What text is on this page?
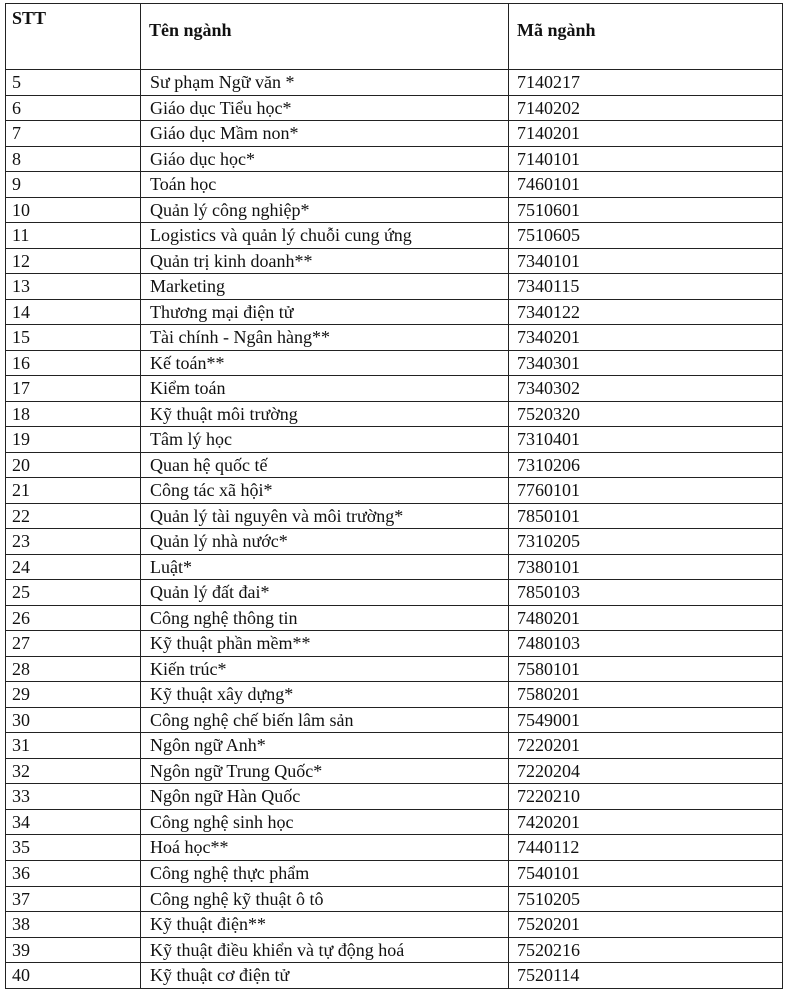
STT	Tên ngành	Mã ngành
5	Sư phạm Ngữ văn *	7140217
6	Giáo dục Tiểu học*	7140202
7	Giáo dục Mầm non*	7140201
8	Giáo dục học*	7140101
9	Toán học	7460101
10	Quản lý công nghiệp*	7510601
11	Logistics và quản lý chuỗi cung ứng	7510605
12	Quản trị kinh doanh**	7340101
13	Marketing	7340115
14	Thương mại điện tử	7340122
15	Tài chính - Ngân hàng**	7340201
16	Kế toán**	7340301
17	Kiểm toán	7340302
18	Kỹ thuật môi trường	7520320
19	Tâm lý học	7310401
20	Quan hệ quốc tế	7310206
21	Công tác xã hội*	7760101
22	Quản lý tài nguyên và môi trường*	7850101
23	Quản lý nhà nước*	7310205
24	Luật*	7380101
25	Quản lý đất đai*	7850103
26	Công nghệ thông tin	7480201
27	Kỹ thuật phần mềm**	7480103
28	Kiến trúc*	7580101
29	Kỹ thuật xây dựng*	7580201
30	Công nghệ chế biến lâm sản	7549001
31	Ngôn ngữ Anh*	7220201
32	Ngôn ngữ Trung Quốc*	7220204
33	Ngôn ngữ Hàn Quốc	7220210
34	Công nghệ sinh học	7420201
35	Hoá học**	7440112
36	Công nghệ thực phẩm	7540101
37	Công nghệ kỹ thuật ô tô	7510205
38	Kỹ thuật điện**	7520201
39	Kỹ thuật điều khiển và tự động hoá	7520216
40	Kỹ thuật cơ điện tử	7520114
